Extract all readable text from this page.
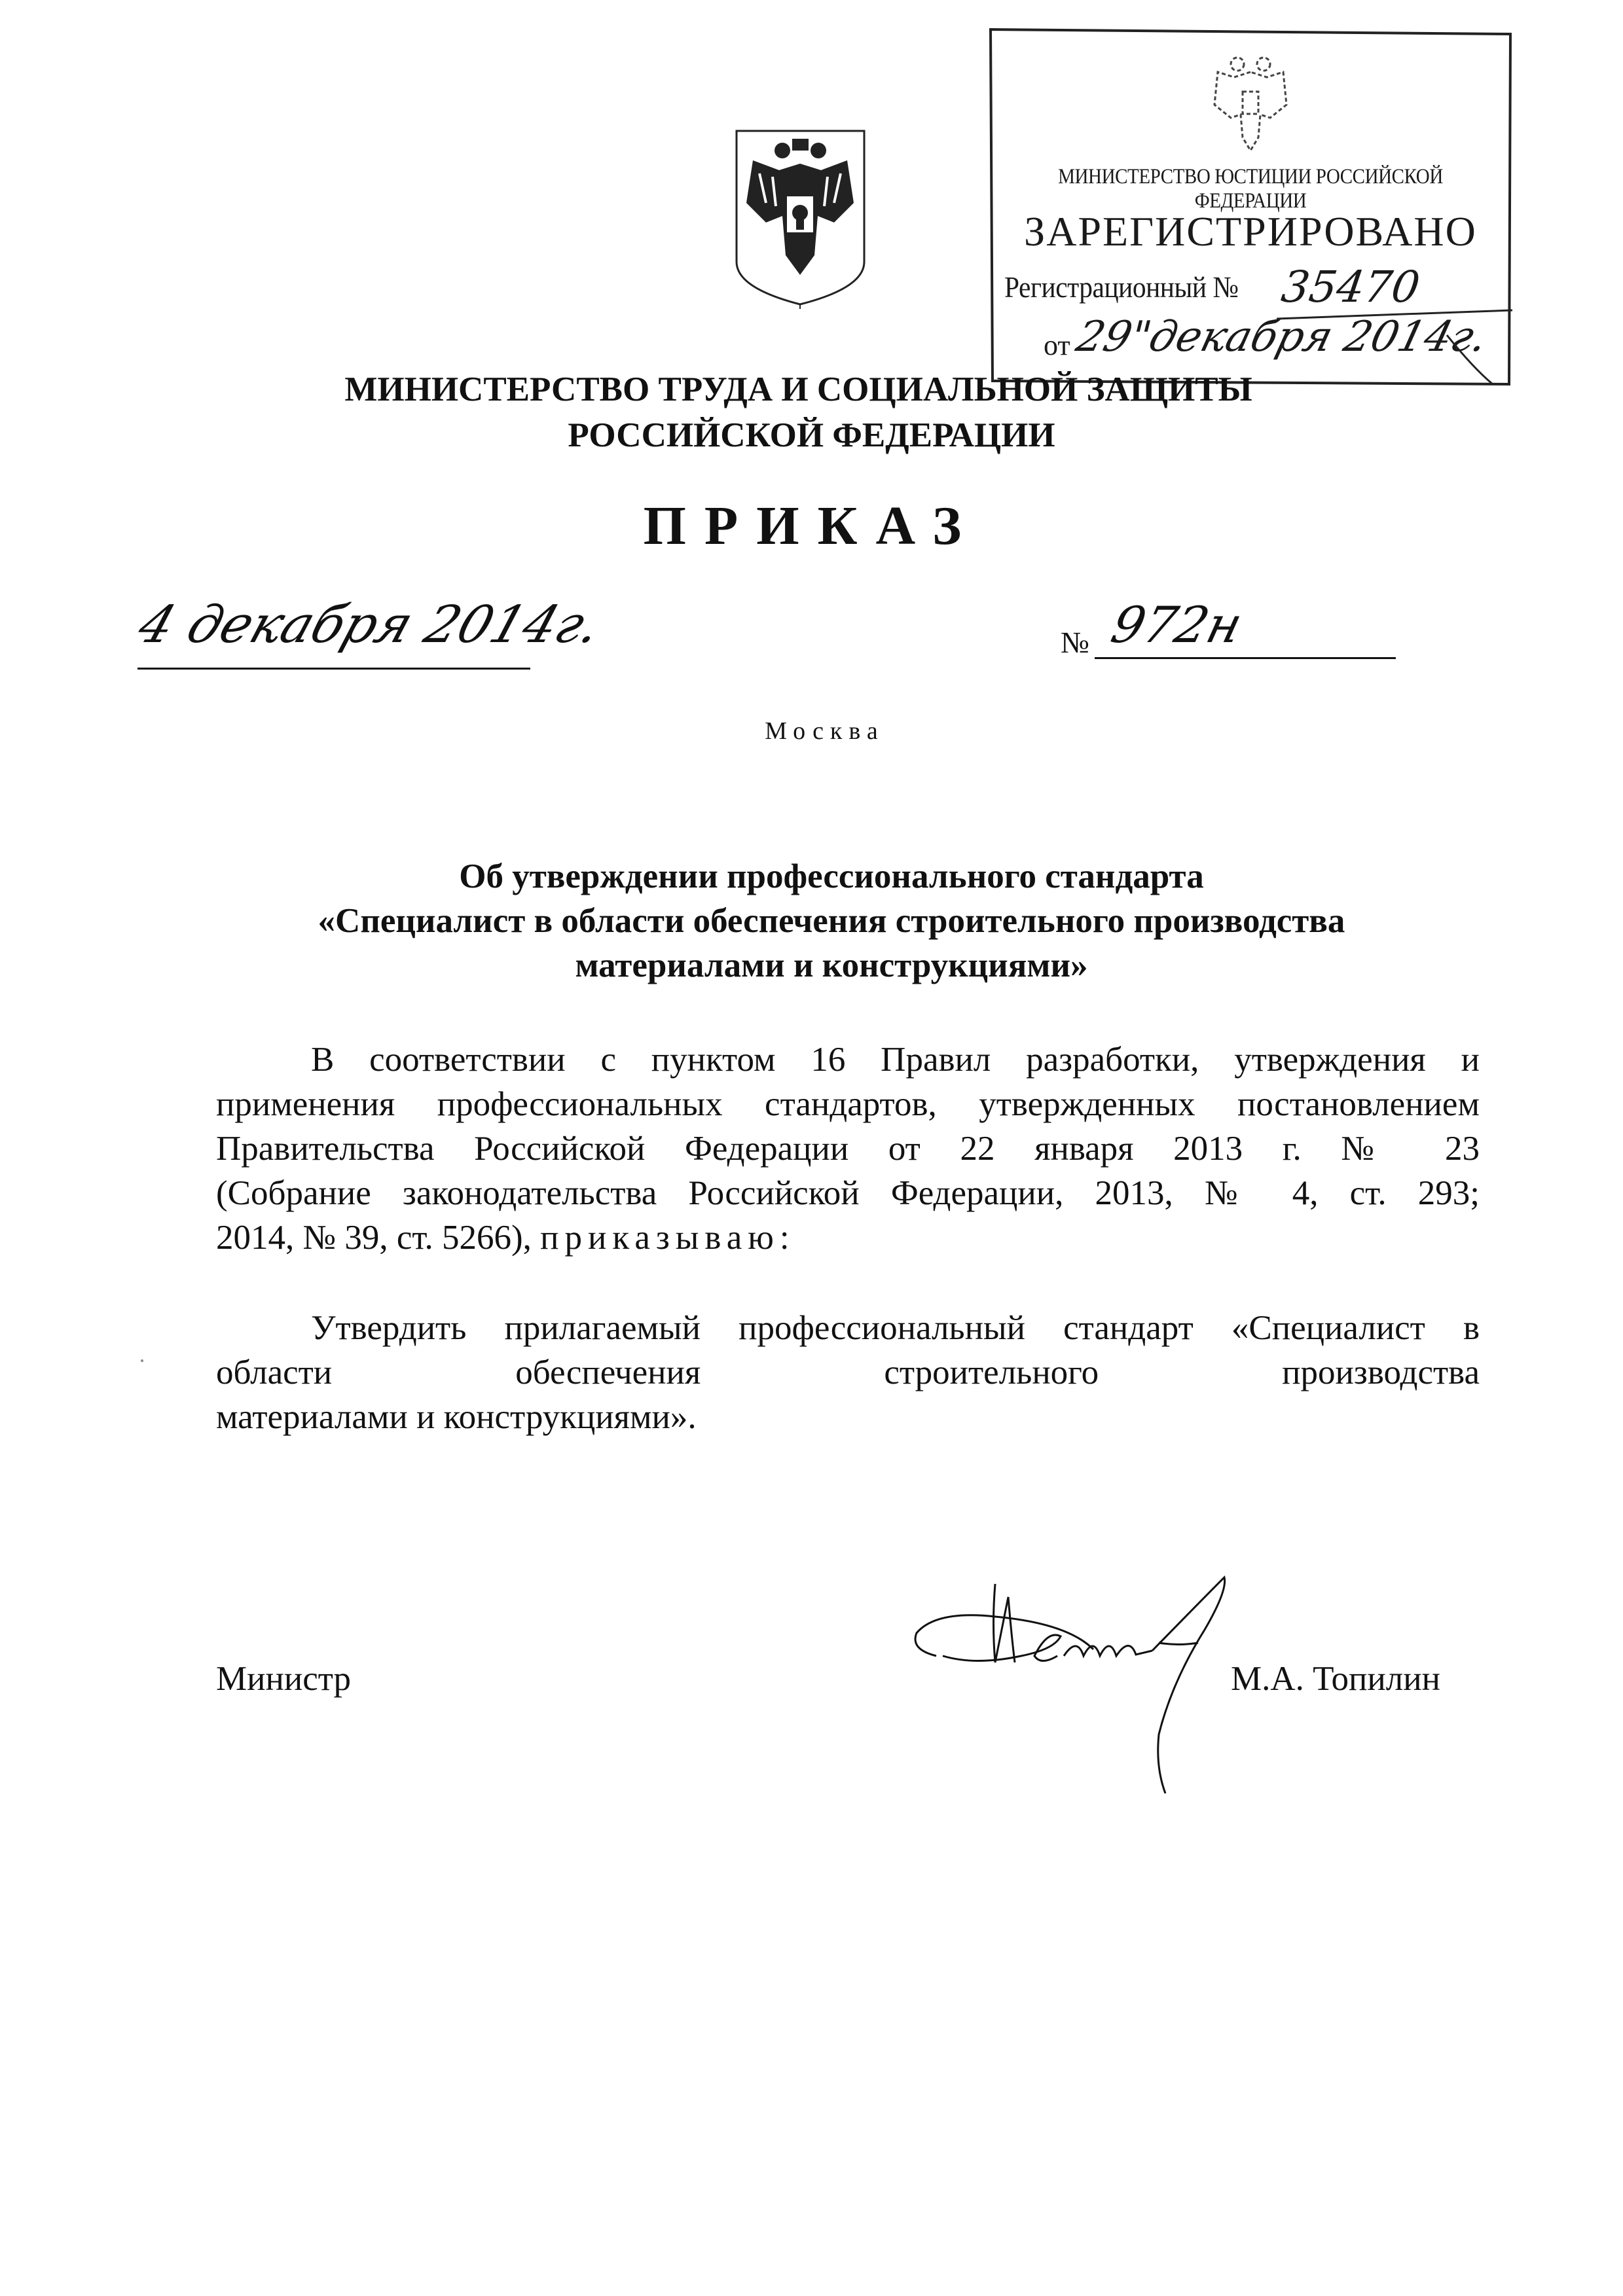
МИНИСТЕРСТВО ЮСТИЦИИ РОССИЙСКОЙ ФЕДЕРАЦИИ
ЗАРЕГИСТРИРОВАНО
Регистрационный № 35470
от 29"декабря 2014г.
МИНИСТЕРСТВО ТРУДА И СОЦИАЛЬНОЙ ЗАЩИТЫ
РОССИЙСКОЙ ФЕДЕРАЦИИ
ПРИКАЗ
4 декабря 2014г.	№ 972н
Москва
Об утверждении профессионального стандарта
«Специалист в области обеспечения строительного производства
материалами и конструкциями»
В соответствии с пунктом 16 Правил разработки, утверждения и
применения профессиональных стандартов, утвержденных постановлением
Правительства Российской Федерации от 22 января 2013 г. № 23
(Собрание законодательства Российской Федерации, 2013, № 4, ст. 293;
2014, № 39, ст. 5266), приказываю:
Утвердить прилагаемый профессиональный стандарт «Специалист в
области обеспечения строительного производства
материалами и конструкциями».
Министр	М.А. Топилин
